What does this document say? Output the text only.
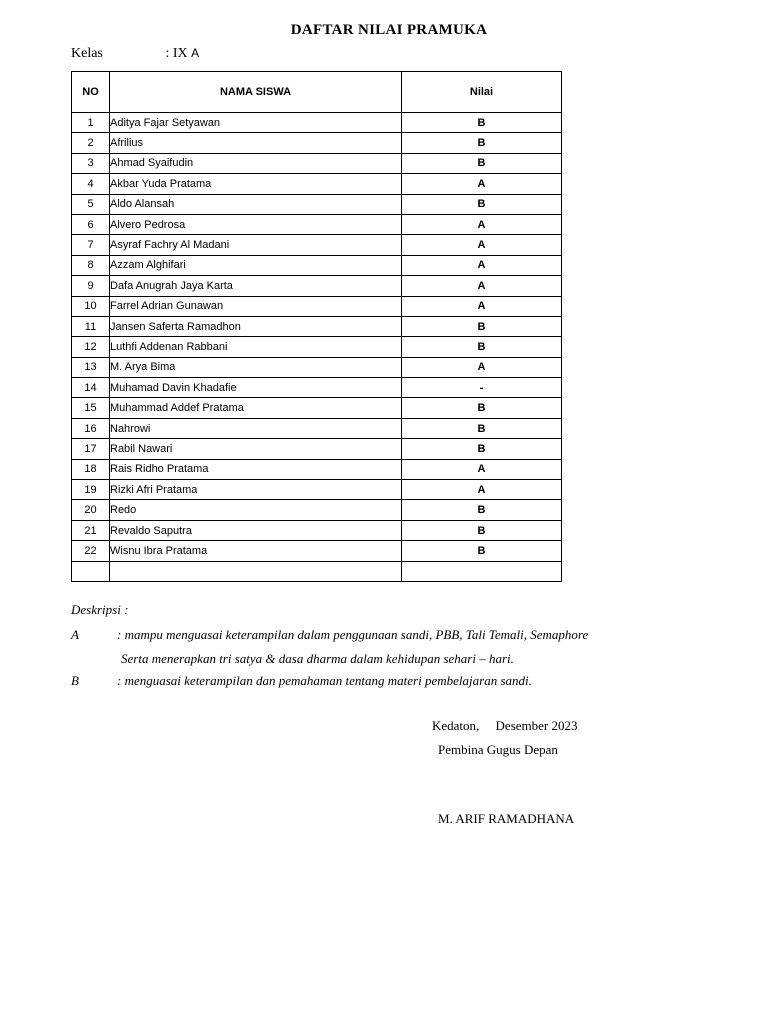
DAFTAR NILAI PRAMUKA
Kelas	: IX A
NO	NAMA SISWA	Nilai
1	Aditya Fajar Setyawan	B
2	Afrilius	B
3	Ahmad Syaifudin	B
4	Akbar Yuda Pratama	A
5	Aldo Alansah	B
6	Alvero Pedrosa	A
7	Asyraf Fachry Al Madani	A
8	Azzam Alghifari	A
9	Dafa Anugrah Jaya Karta	A
10	Farrel Adrian Gunawan	A
11	Jansen Saferta Ramadhon	B
12	Luthfi Addenan Rabbani	B
13	M. Arya Bima	A
14	Muhamad Davin Khadafie	-
15	Muhammad Addef Pratama	B
16	Nahrowi	B
17	Rabil Nawari	B
18	Rais Ridho Pratama	A
19	Rizki Afri Pratama	A
20	Redo	B
21	Revaldo Saputra	B
22	Wisnu Ibra Pratama	B

Deskripsi :
A	: mampu menguasai keterampilan dalam penggunaan sandi, PBB, Tali Temali, Semaphore
Serta menerapkan tri satya & dasa dharma dalam kehidupan sehari – hari.
B	: menguasai keterampilan dan pemahaman tentang materi pembelajaran sandi.
Kedaton,     Desember 2023
Pembina Gugus Depan
M. ARIF RAMADHANA
